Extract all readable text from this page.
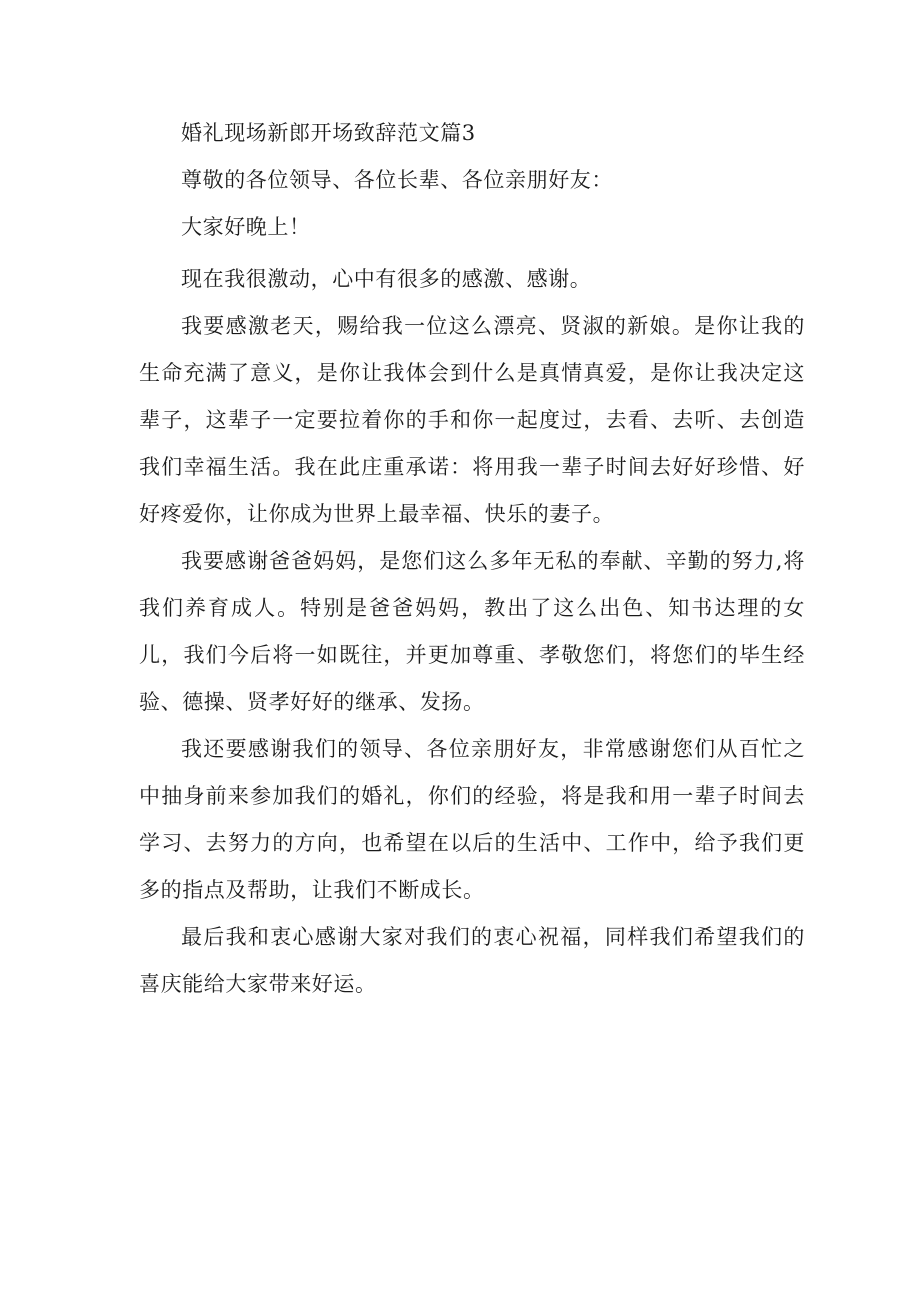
婚礼现场新郎开场致辞范文篇3
尊敬的各位领导、各位长辈、各位亲朋好友：
大家好晚上！

现在我很激动，心中有很多的感激、感谢。

我要感激老天，赐给我一位这么漂亮、贤淑的新娘。是你让我的生命充满了意义，是你让我体会到什么是真情真爱，是你让我决定这辈子，这辈子一定要拉着你的手和你一起度过，去看、去听、去创造我们幸福生活。我在此庄重承诺：将用我一辈子时间去好好珍惜、好好疼爱你，让你成为世界上最幸福、快乐的妻子。

我要感谢爸爸妈妈，是您们这么多年无私的奉献、辛勤的努力,将我们养育成人。特别是爸爸妈妈，教出了这么出色、知书达理的女儿，我们今后将一如既往，并更加尊重、孝敬您们，将您们的毕生经验、德操、贤孝好好的继承、发扬。

我还要感谢我们的领导、各位亲朋好友，非常感谢您们从百忙之中抽身前来参加我们的婚礼，你们的经验，将是我和用一辈子时间去学习、去努力的方向，也希望在以后的生活中、工作中，给予我们更多的指点及帮助，让我们不断成长。

最后我和衷心感谢大家对我们的衷心祝福，同样我们希望我们的喜庆能给大家带来好运。
